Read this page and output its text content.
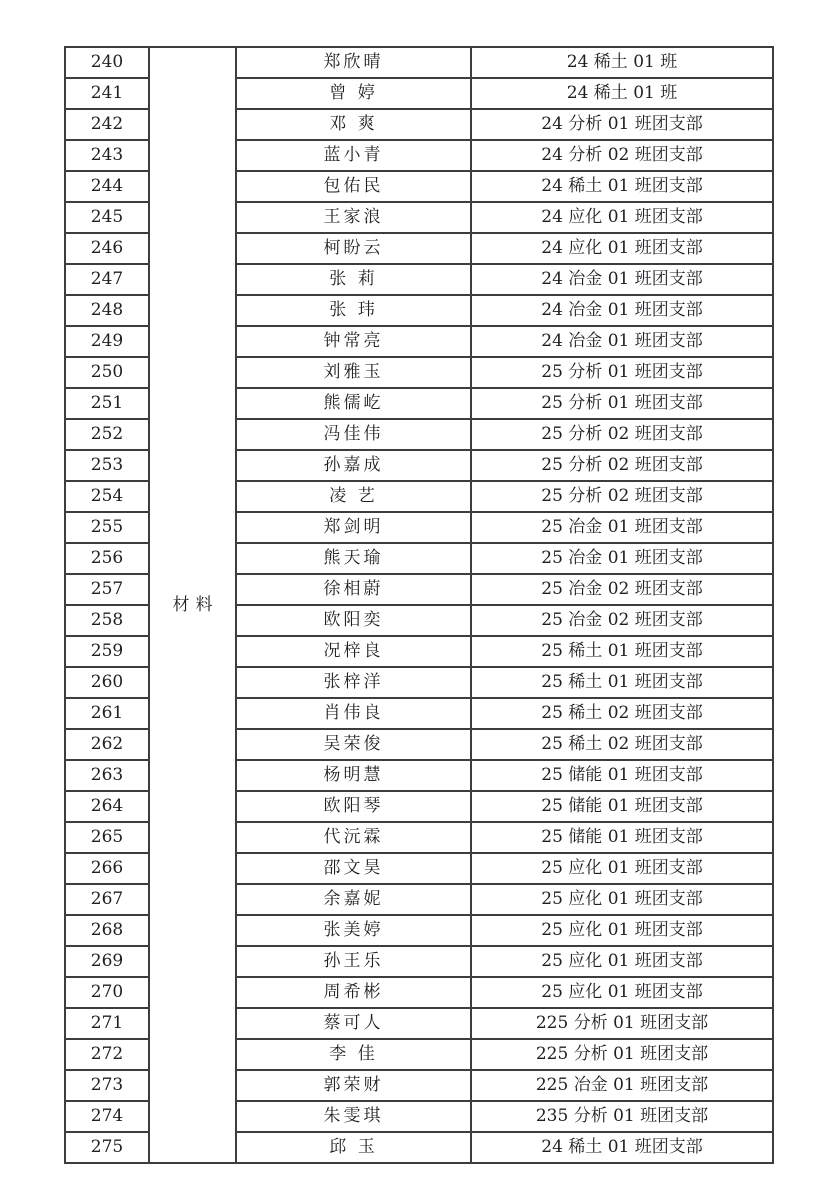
240	材料	郑欣晴	24 稀土 01 班
241		曾 婷	24 稀土 01 班
242		邓 爽	24 分析 01 班团支部
243		蓝小青	24 分析 02 班团支部
244		包佑民	24 稀土 01 班团支部
245		王家浪	24 应化 01 班团支部
246		柯盼云	24 应化 01 班团支部
247		张 莉	24 冶金 01 班团支部
248		张 玮	24 冶金 01 班团支部
249		钟常亮	24 冶金 01 班团支部
250		刘雅玉	25 分析 01 班团支部
251		熊儒屹	25 分析 01 班团支部
252		冯佳伟	25 分析 02 班团支部
253		孙嘉成	25 分析 02 班团支部
254		凌 艺	25 分析 02 班团支部
255		郑剑明	25 冶金 01 班团支部
256		熊天瑜	25 冶金 01 班团支部
257		徐相蔚	25 冶金 02 班团支部
258		欧阳奕	25 冶金 02 班团支部
259		况梓良	25 稀土 01 班团支部
260		张梓洋	25 稀土 01 班团支部
261		肖伟良	25 稀土 02 班团支部
262		吴荣俊	25 稀土 02 班团支部
263		杨明慧	25 储能 01 班团支部
264		欧阳琴	25 储能 01 班团支部
265		代沅霖	25 储能 01 班团支部
266		邵文昊	25 应化 01 班团支部
267		余嘉妮	25 应化 01 班团支部
268		张美婷	25 应化 01 班团支部
269		孙王乐	25 应化 01 班团支部
270		周希彬	25 应化 01 班团支部
271		蔡可人	225 分析 01 班团支部
272		李 佳	225 分析 01 班团支部
273		郭荣财	225 冶金 01 班团支部
274		朱雯琪	235 分析 01 班团支部
275		邱 玉	24 稀土 01 班团支部
